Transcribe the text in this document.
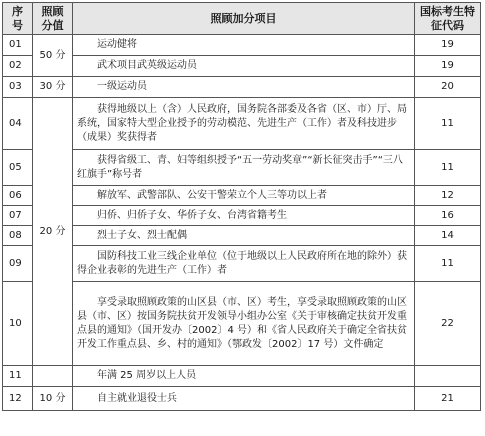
序号	照顾分值	照顾加分项目	国标考生特征代码
01	50 分	运动健将	19
02		武术项目武英级运动员	19
03	30 分	一级运动员	20
04	20 分	获得地级以上（含）人民政府，国务院各部委及各省（区、市）厅、局系统，国家特大型企业授予的劳动模范、先进生产（工作）者及科技进步（成果）奖获得者	11
05		获得省级工、青、妇等组织授予“五一劳动奖章”“新长征突击手”“三八红旗手”称号者	11
06		解放军、武警部队、公安干警荣立个人三等功以上者	12
07		归侨、归侨子女、华侨子女、台湾省籍考生	16
08		烈士子女、烈士配偶	14
09		国防科技工业三线企业单位（位于地级以上人民政府所在地的除外）获得企业表彰的先进生产（工作）者	11
10		享受录取照顾政策的山区县（市、区）考生，享受录取照顾政策的山区县（市、区）按国务院扶贫开发领导小组办公室《关于审核确定扶贫开发重点县的通知》（国开发办〔2002〕4 号）和《省人民政府关于确定全省扶贫开发工作重点县、乡、村的通知》（鄂政发〔2002〕17 号）文件确定	22
11		年满 25 周岁以上人员	
12	10 分	自主就业退役士兵	21
